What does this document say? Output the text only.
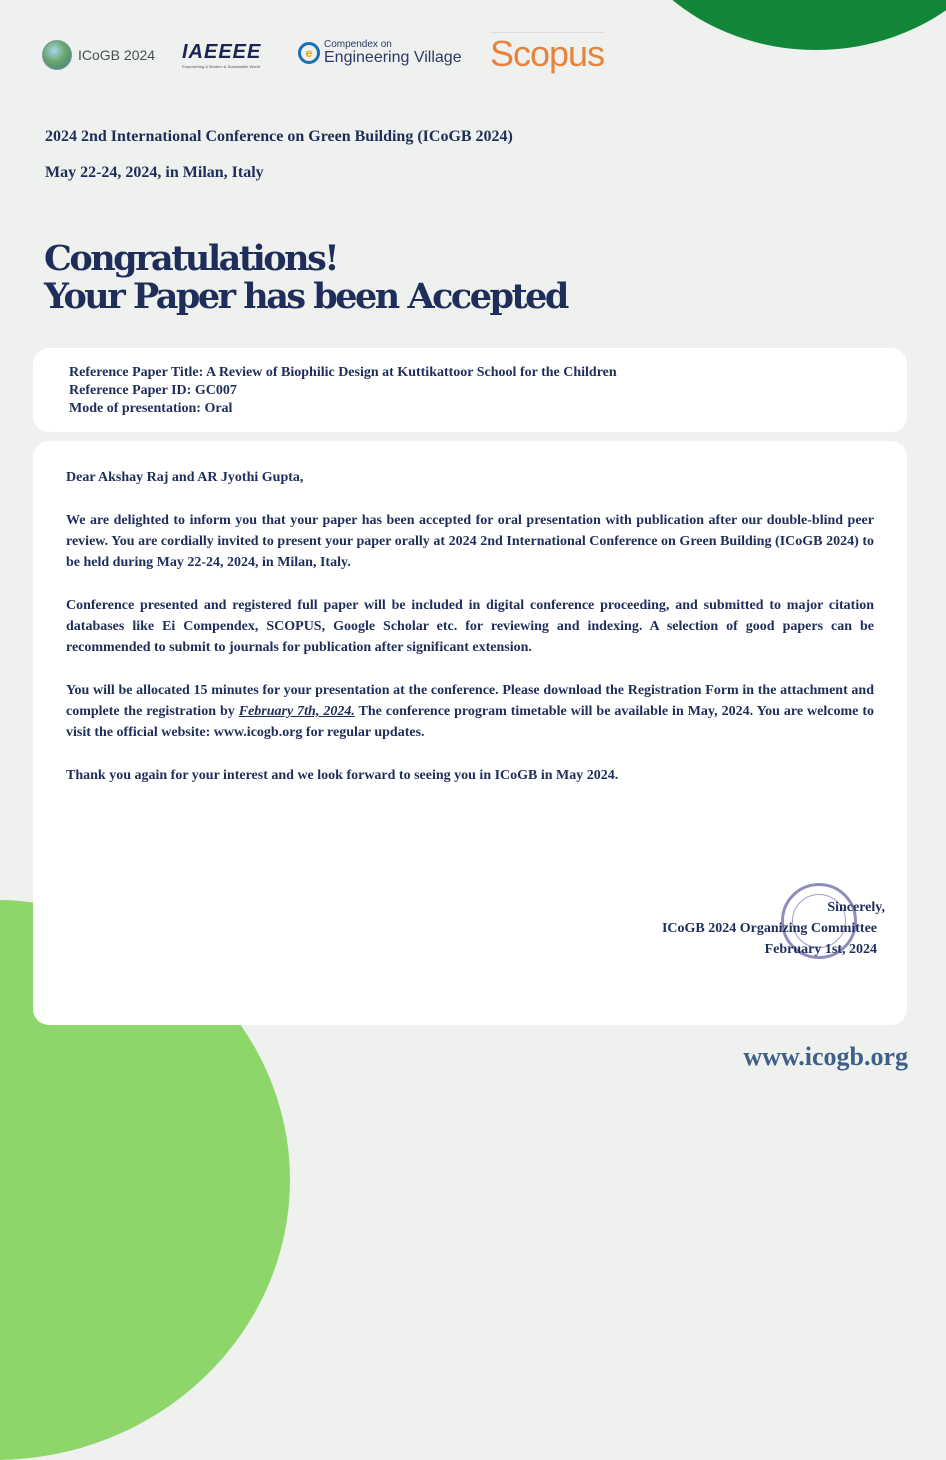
ICoGB 2024 IAEEEE
Empowering & Modern & Sustainable World
e
Compendex on
Engineering Village Scopus
2024 2nd International Conference on Green Building (ICoGB 2024)
May 22-24, 2024, in Milan, Italy
Congratulations!
Your Paper has been Accepted
Reference Paper Title: A Review of Biophilic Design at Kuttikattoor School for the Children
Reference Paper ID: GC007
Mode of presentation: Oral

Dear Akshay Raj and AR Jyothi Gupta,

We are delighted to inform you that your paper has been accepted for oral presentation with publication after our double-blind peer review. You are cordially invited to present your paper orally at 2024 2nd International Conference on Green Building (ICoGB 2024) to be held during May 22-24, 2024, in Milan, Italy.

Conference presented and registered full paper will be included in digital conference proceeding, and submitted to major citation databases like Ei Compendex, SCOPUS, Google Scholar etc. for reviewing and indexing. A selection of good papers can be recommended to submit to journals for publication after significant extension.

You will be allocated 15 minutes for your presentation at the conference. Please download the Registration Form in the attachment and complete the registration by February 7th, 2024. The conference program timetable will be available in May, 2024. You are welcome to visit the official website: www.icogb.org for regular updates.

Thank you again for your interest and we look forward to seeing you in ICoGB in May 2024.

Sincerely,
ICoGB 2024 Organizing Committee
February 1st, 2024
www.icogb.org
